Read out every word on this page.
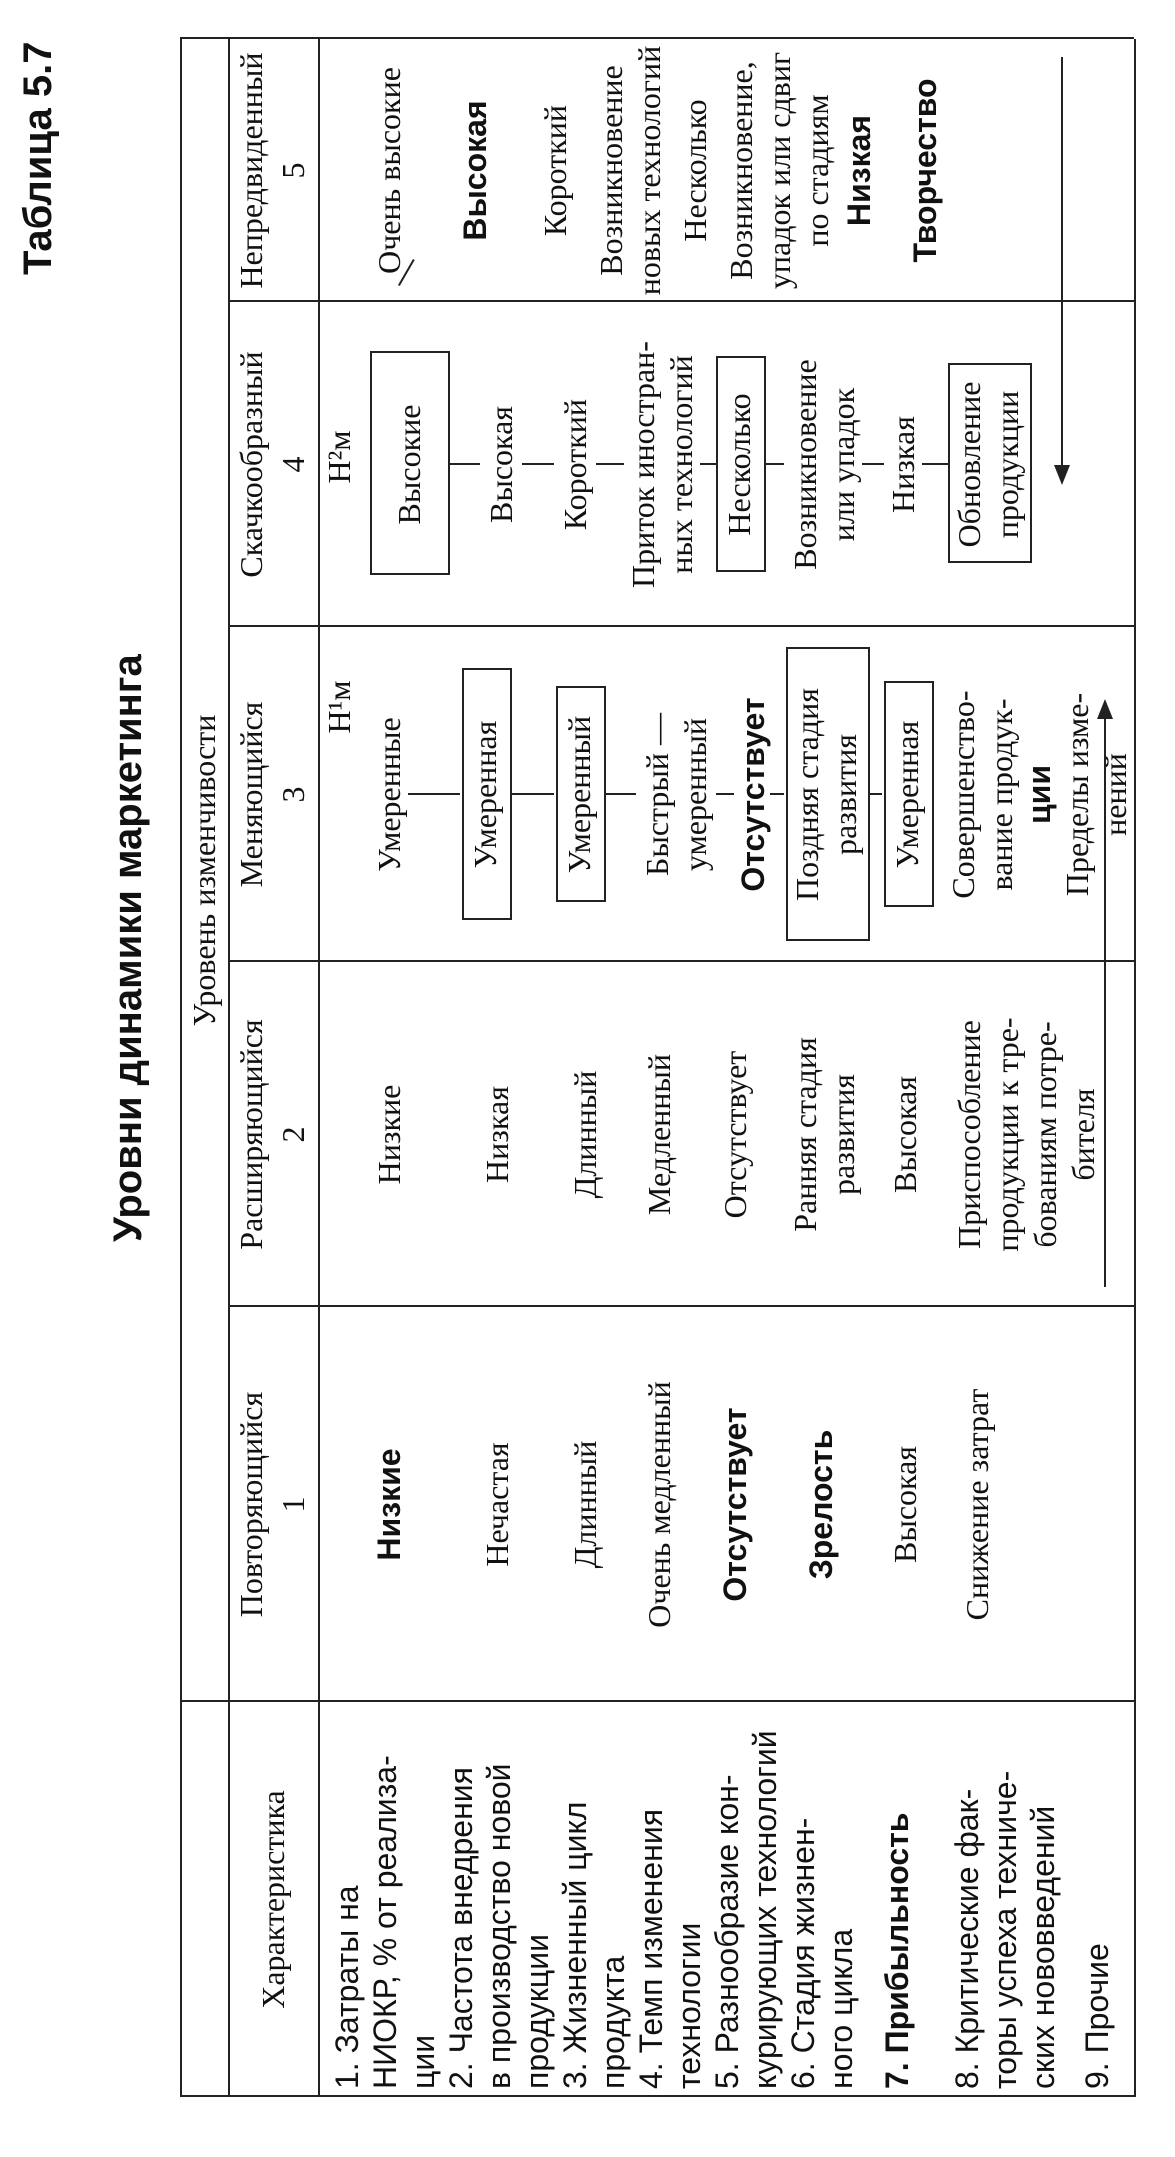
Таблица 5.7
Уровни динамики маркетинга
Характеристика
Уровень изменчивости
Повторяющийся 1
Расширяющийся 2
Меняющийся 3
Скачкообразный 4
Непредвиденный 5
Н¹м
Н²м
1. Затраты на НИОКР, % от реализа- ции 2. Частота внедрения в производство новой продукции 3. Жизненный цикл продукта 4. Темп изменения технологии 5. Разнообразие кон- курирующих технологий 6. Стадия жизнен- ного цикла 7. Прибыльность 8. Критические фак- торы успеха техниче- ских нововведений 9. Прочие
Низкие Нечастая Длинный Очень медленный Отсутствует Зрелость Высокая Снижение затрат
Низкие Низкая Длинный Медленный Отсутствует Ранняя стадия развития Высокая Приспособление продукции к тре- бованиям потре- бителя
Умеренные Умеренная Умеренный Быстрый — умеренный Отсутствует Поздняя стадия развития Умеренная Совершенство- вание продук- ции Пределы изме- нений
Высокие Высокая Короткий Приток иностран- ных технологий Несколько Возникновение или упадок Низкая Обновление продукции
Очень высокие Высокая Короткий Возникновение новых технологий Несколько Возникновение, упадок или сдвиг по стадиям Низкая Творчество
